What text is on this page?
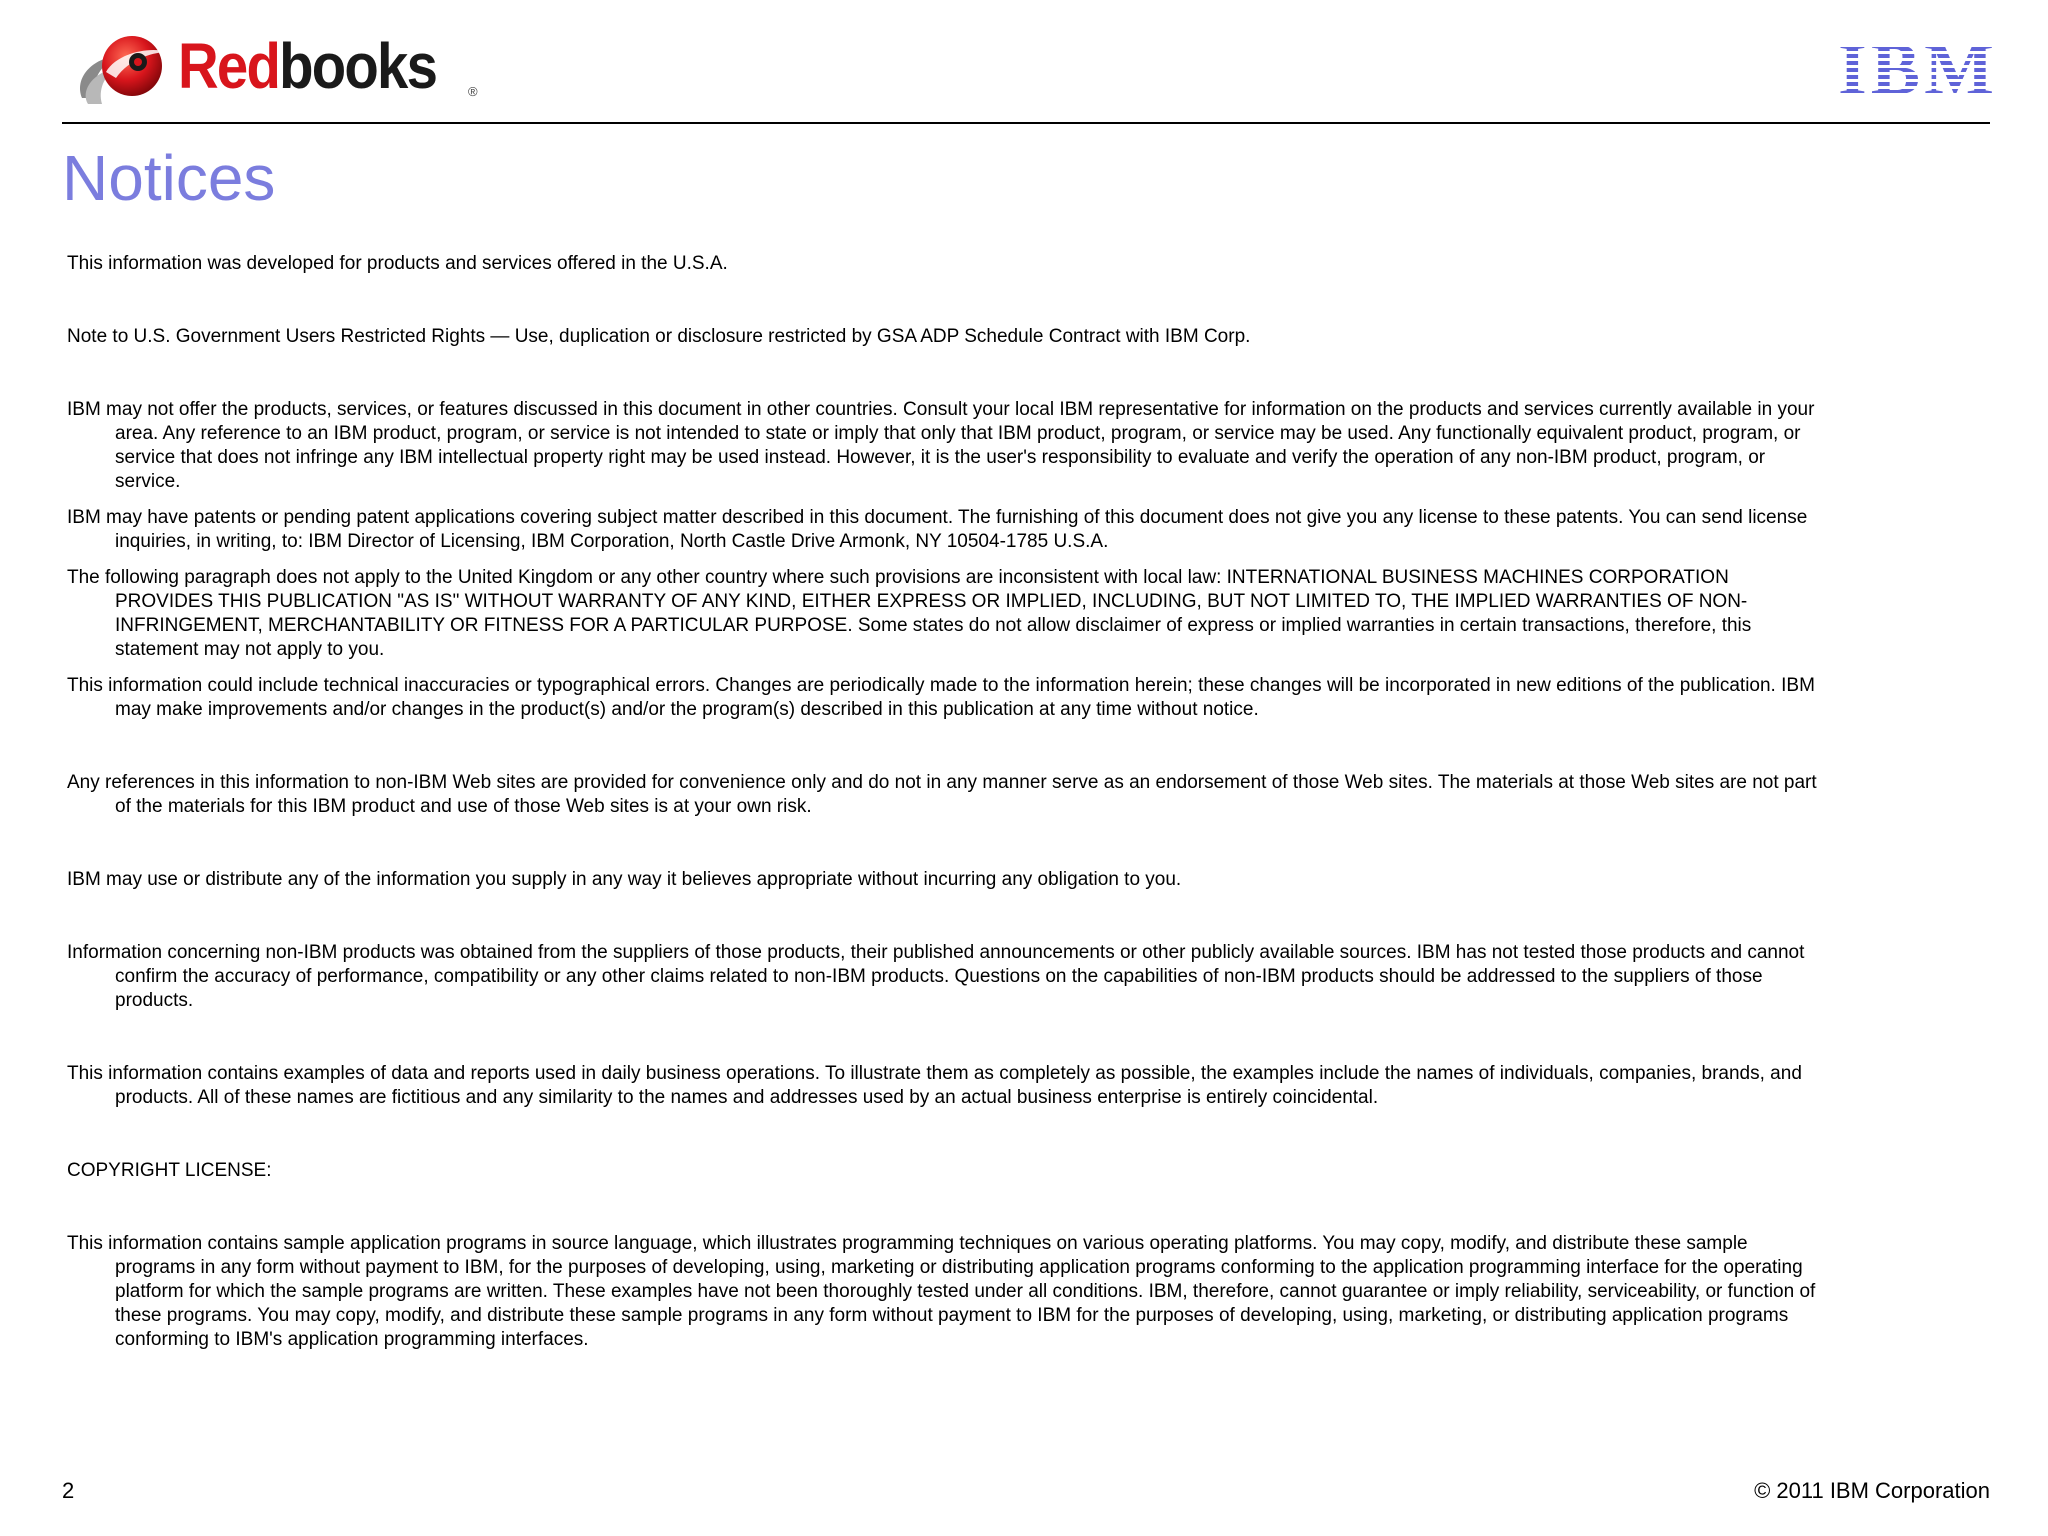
Redbooks ®	IBM
Notices

This information was developed for products and services offered in the U.S.A.

Note to U.S. Government Users Restricted Rights — Use, duplication or disclosure restricted by GSA ADP Schedule Contract with IBM Corp.

IBM may not offer the products, services, or features discussed in this document in other countries. Consult your local IBM representative for information on the products and services currently available in your area. Any reference to an IBM product, program, or service is not intended to state or imply that only that IBM product, program, or service may be used. Any functionally equivalent product, program, or service that does not infringe any IBM intellectual property right may be used instead. However, it is the user's responsibility to evaluate and verify the operation of any non-IBM product, program, or service.

IBM may have patents or pending patent applications covering subject matter described in this document. The furnishing of this document does not give you any license to these patents. You can send license inquiries, in writing, to: IBM Director of Licensing, IBM Corporation, North Castle Drive Armonk, NY 10504-1785 U.S.A.

The following paragraph does not apply to the United Kingdom or any other country where such provisions are inconsistent with local law: INTERNATIONAL BUSINESS MACHINES CORPORATION PROVIDES THIS PUBLICATION "AS IS" WITHOUT WARRANTY OF ANY KIND, EITHER EXPRESS OR IMPLIED, INCLUDING, BUT NOT LIMITED TO, THE IMPLIED WARRANTIES OF NON-INFRINGEMENT, MERCHANTABILITY OR FITNESS FOR A PARTICULAR PURPOSE. Some states do not allow disclaimer of express or implied warranties in certain transactions, therefore, this statement may not apply to you.

This information could include technical inaccuracies or typographical errors. Changes are periodically made to the information herein; these changes will be incorporated in new editions of the publication. IBM may make improvements and/or changes in the product(s) and/or the program(s) described in this publication at any time without notice.

Any references in this information to non-IBM Web sites are provided for convenience only and do not in any manner serve as an endorsement of those Web sites. The materials at those Web sites are not part of the materials for this IBM product and use of those Web sites is at your own risk.

IBM may use or distribute any of the information you supply in any way it believes appropriate without incurring any obligation to you.

Information concerning non-IBM products was obtained from the suppliers of those products, their published announcements or other publicly available sources. IBM has not tested those products and cannot confirm the accuracy of performance, compatibility or any other claims related to non-IBM products. Questions on the capabilities of non-IBM products should be addressed to the suppliers of those products.

This information contains examples of data and reports used in daily business operations. To illustrate them as completely as possible, the examples include the names of individuals, companies, brands, and products. All of these names are fictitious and any similarity to the names and addresses used by an actual business enterprise is entirely coincidental.

COPYRIGHT LICENSE:

This information contains sample application programs in source language, which illustrates programming techniques on various operating platforms. You may copy, modify, and distribute these sample programs in any form without payment to IBM, for the purposes of developing, using, marketing or distributing application programs conforming to the application programming interface for the operating platform for which the sample programs are written. These examples have not been thoroughly tested under all conditions. IBM, therefore, cannot guarantee or imply reliability, serviceability, or function of these programs. You may copy, modify, and distribute these sample programs in any form without payment to IBM for the purposes of developing, using, marketing, or distributing application programs conforming to IBM's application programming interfaces.

2	© 2011 IBM Corporation
